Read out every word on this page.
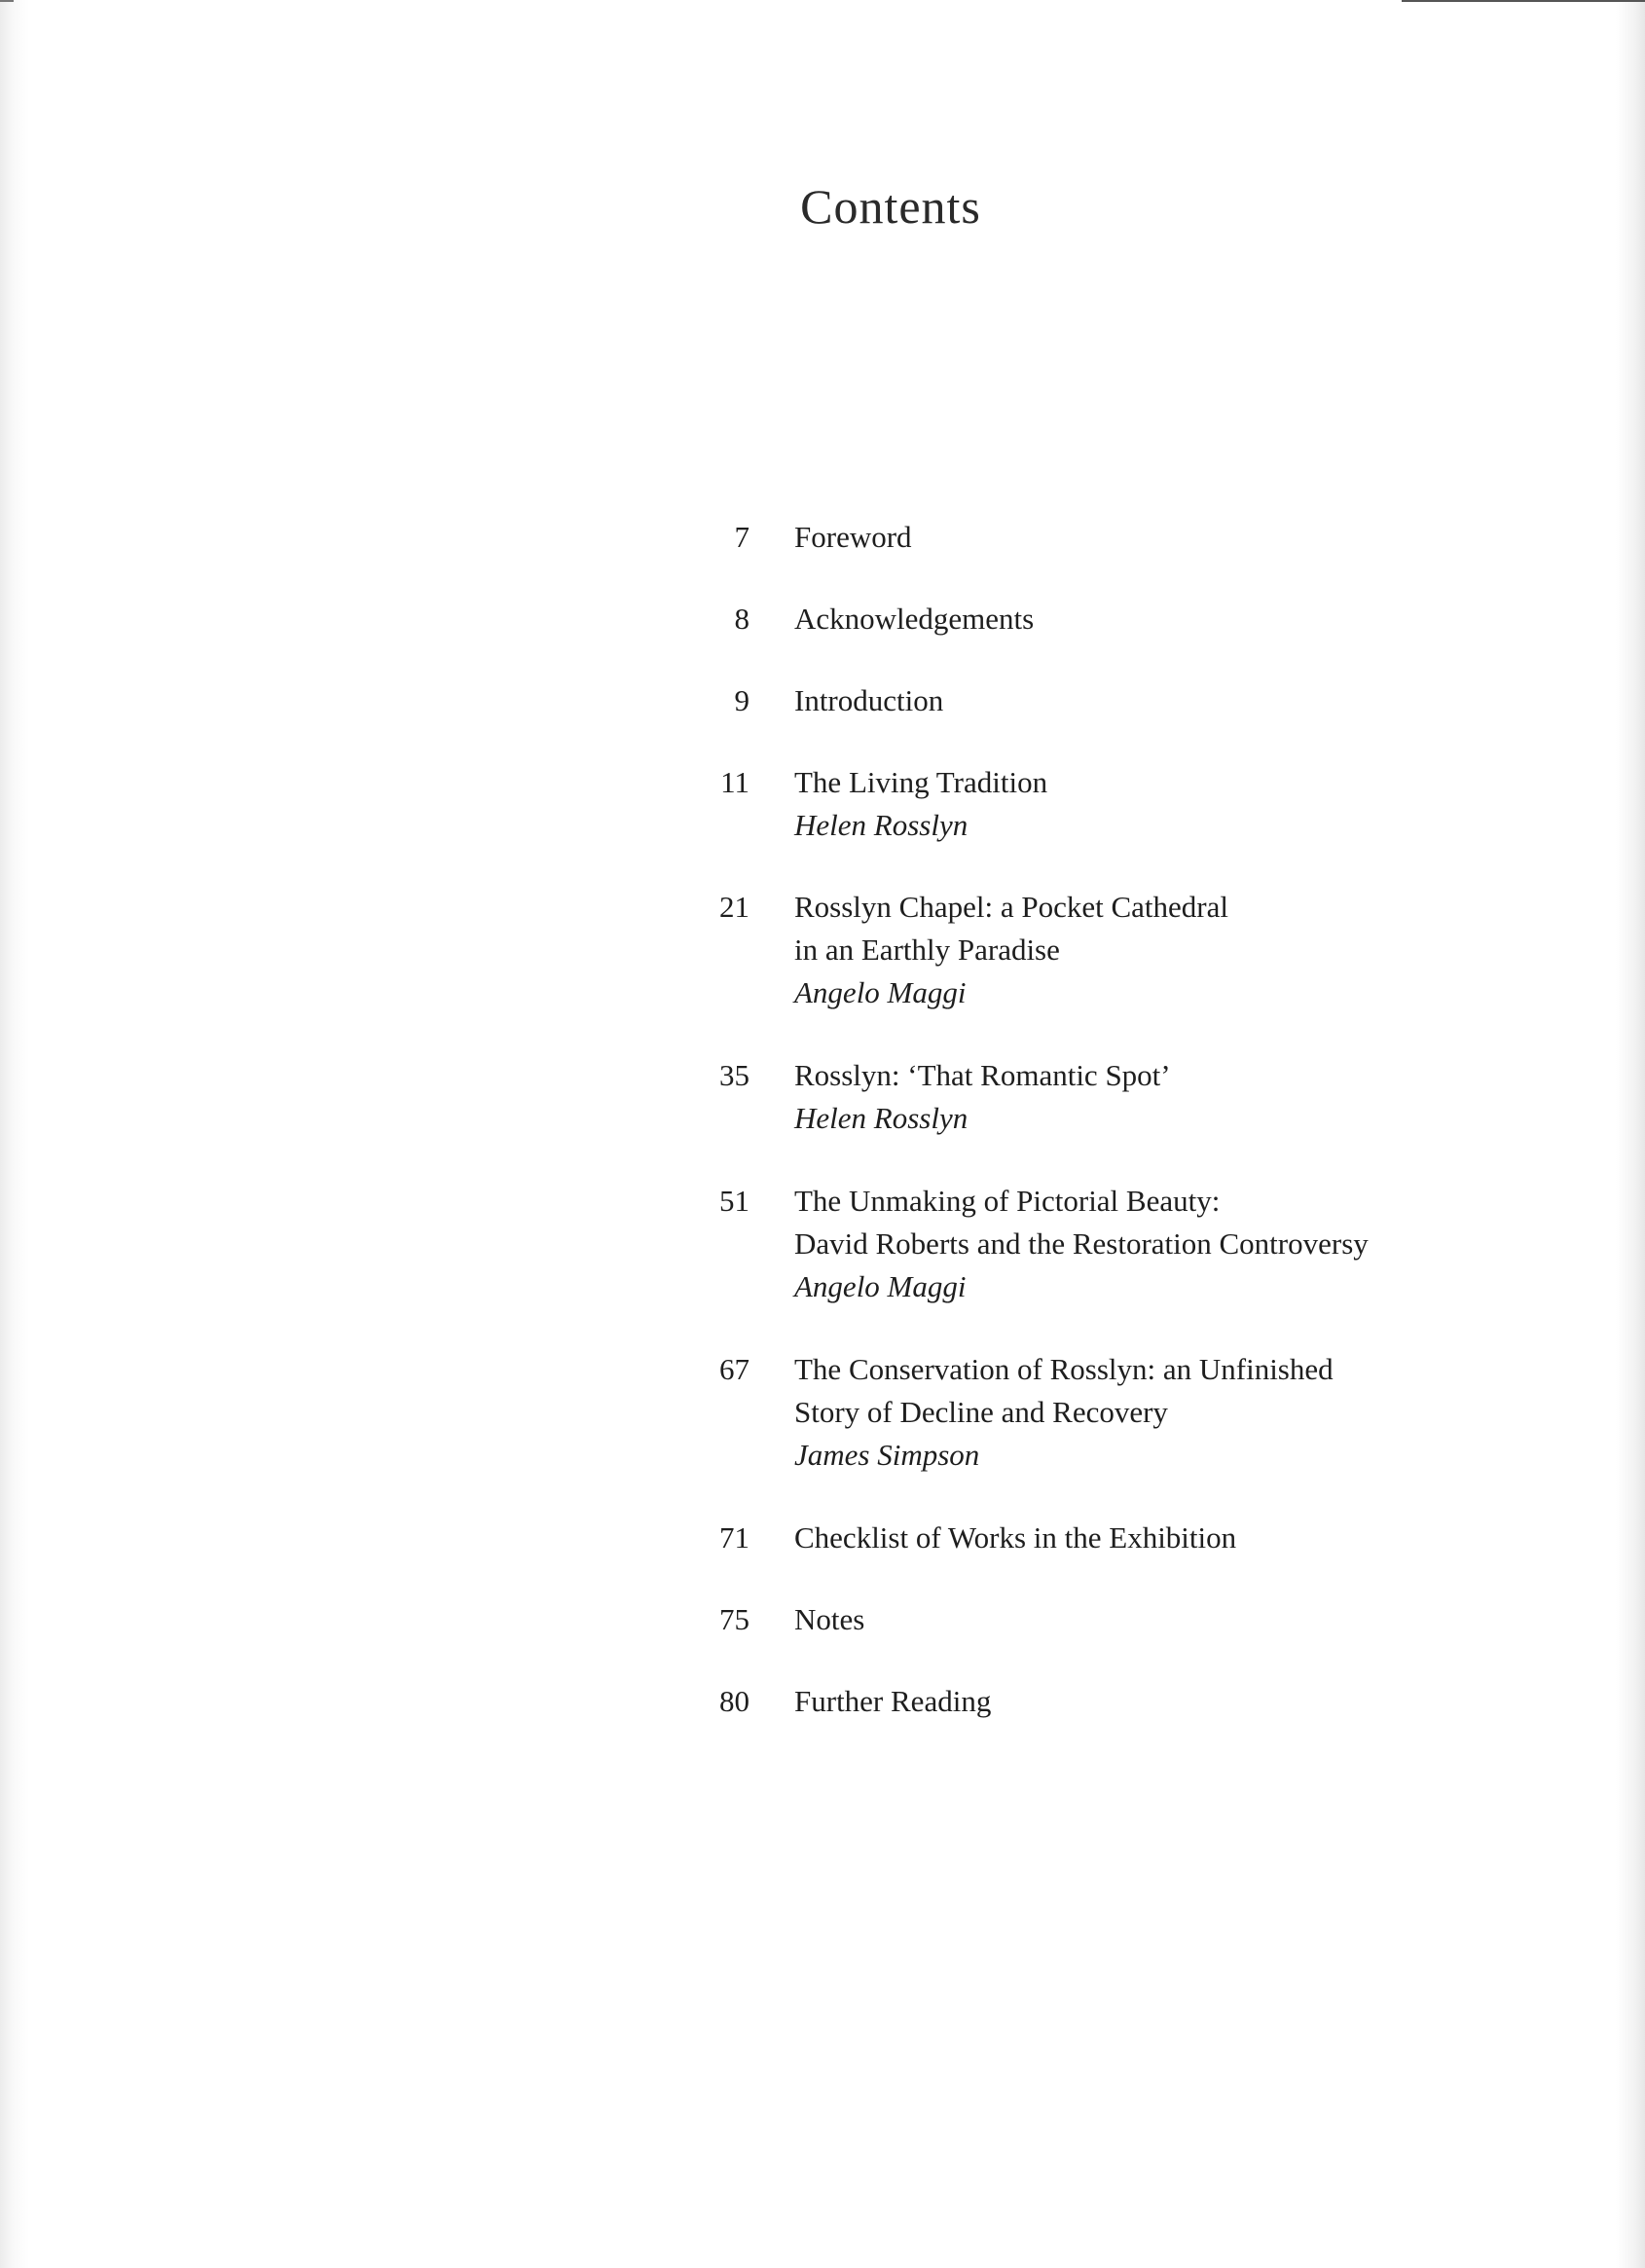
Contents
7 Foreword
8 Acknowledgements
9 Introduction
11 The Living Tradition
Helen Rosslyn
21 Rosslyn Chapel: a Pocket Cathedral
in an Earthly Paradise
Angelo Maggi
35 Rosslyn: ‘That Romantic Spot’
Helen Rosslyn
51 The Unmaking of Pictorial Beauty:
David Roberts and the Restoration Controversy
Angelo Maggi
67 The Conservation of Rosslyn: an Unfinished
Story of Decline and Recovery
James Simpson
71 Checklist of Works in the Exhibition
75 Notes
80 Further Reading
